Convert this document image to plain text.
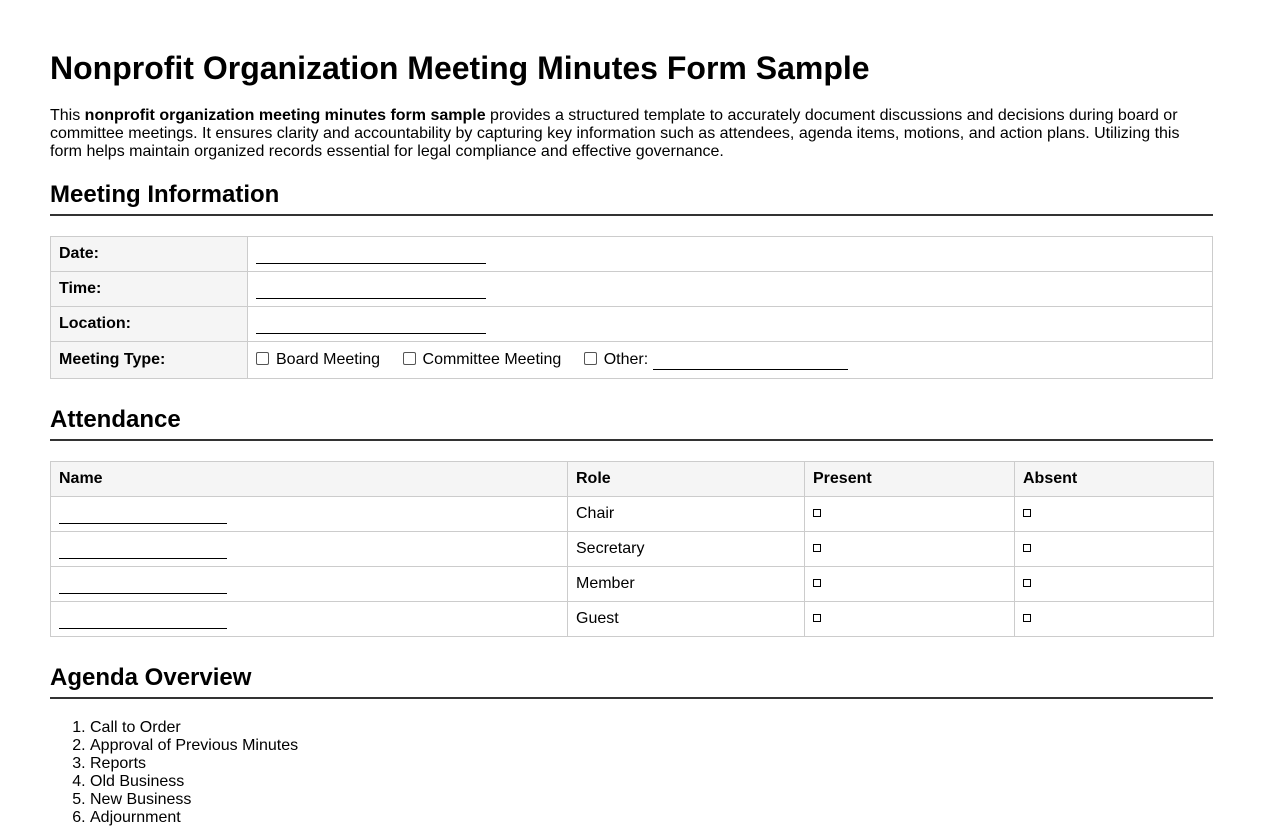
Nonprofit Organization Meeting Minutes Form Sample

This nonprofit organization meeting minutes form sample provides a structured template to accurately document discussions and decisions during board or committee meetings. It ensures clarity and accountability by capturing key information such as attendees, agenda items, motions, and action plans. Utilizing this form helps maintain organized records essential for legal compliance and effective governance.

Meeting Information
Date:	
Time:	
Location:	
Meeting Type:	Board Meeting Committee Meeting Other:
Attendance
Name	Role	Present	Absent
	Chair		
	Secretary		
	Member		
	Guest		
Agenda Overview
1. Call to Order
2. Approval of Previous Minutes
3. Reports
4. Old Business
5. New Business
6. Adjournment
